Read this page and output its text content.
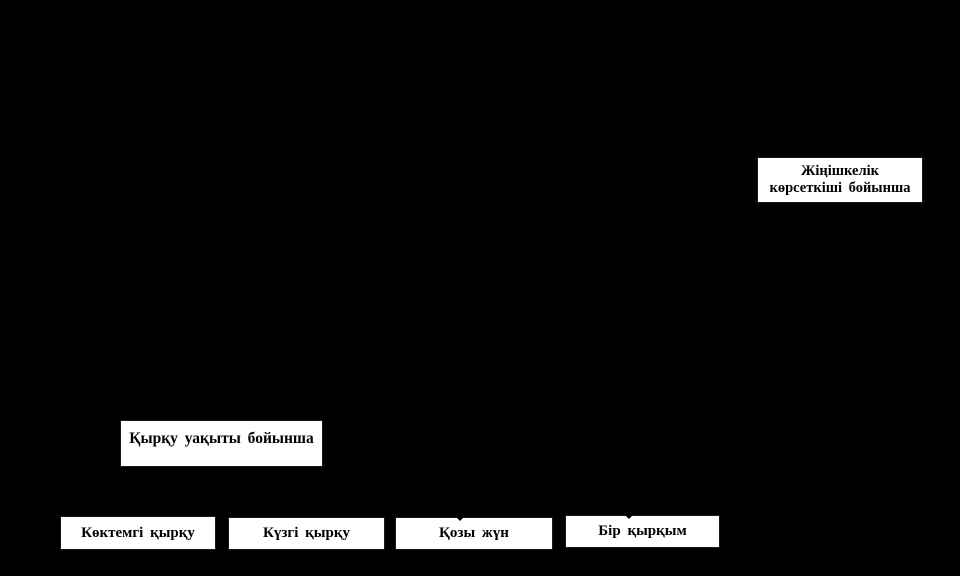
Жіңішкелік
көрсеткіші бойынша
Қырқу уақыты бойынша
Көктемгі қырқу	Күзгі қырқу	Қозы жүн	Бір қырқым
